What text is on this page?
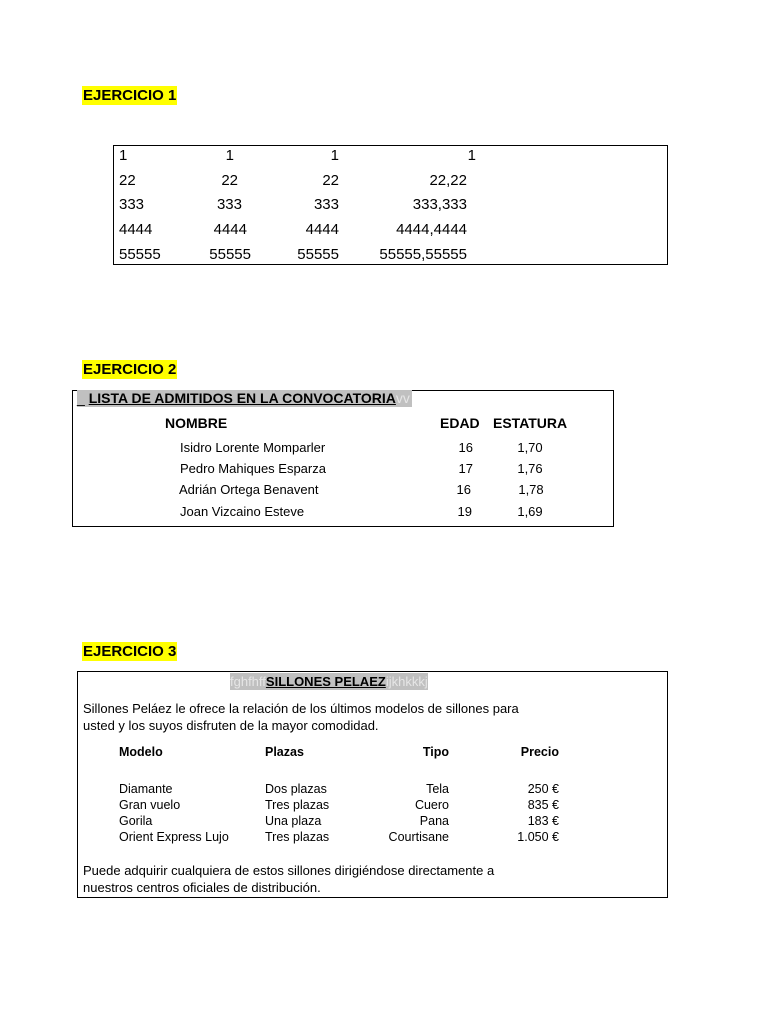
EJERCICIO 1
1	1	1	1
22	22	22	22,22
333	333	333	333,333
4444	4444	4444	4444,4444
55555	55555	55555	55555,55555
EJERCICIO 2
_ LISTA DE ADMITIDOS EN LA CONVOCATORIAvv
NOMBRE	EDAD ESTATURA
Isidro Lorente Momparler	16	1,70
Pedro Mahiques Esparza	17	1,76
Adrián Ortega Benavent	16	1,78
Joan Vizcaino Esteve	19	1,69
EJERCICIO 3
fghfhffSILLONES PELAEZijkhkkkj
Sillones Peláez le ofrece la relación de los últimos modelos de sillones para
usted y los suyos disfruten de la mayor comodidad.
Modelo	Plazas	Tipo	Precio
Diamante	Dos plazas	Tela	250 €
Gran vuelo	Tres plazas	Cuero	835 €
Gorila	Una plaza	Pana	183 €
Orient Express Lujo	Tres plazas	Courtisane	1.050 €
Puede adquirir cualquiera de estos sillones dirigiéndose directamente a
nuestros centros oficiales de distribución.
